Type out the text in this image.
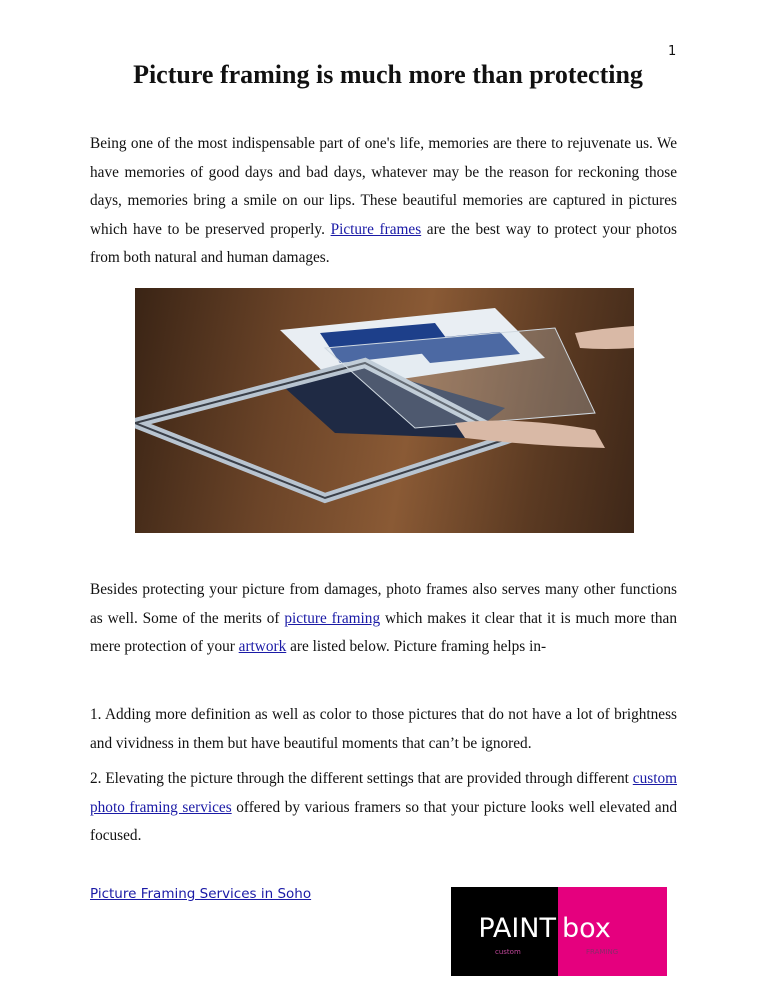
1
Picture framing is much more than protecting

Being one of the most indispensable part of one's life, memories are there to rejuvenate us. We have memories of good days and bad days, whatever may be the reason for reckoning those days, memories bring a smile on our lips. These beautiful memories are captured in pictures which have to be preserved properly. Picture frames are the best way to protect your photos from both natural and human damages.

Besides protecting your picture from damages, photo frames also serves many other functions as well. Some of the merits of picture framing which makes it clear that it is much more than mere protection of your artwork are listed below. Picture framing helps in-

1. Adding more definition as well as color to those pictures that do not have a lot of brightness and vividness in them but have beautiful moments that can’t be ignored.

2. Elevating the picture through the different settings that are provided through different custom photo framing services offered by various framers so that your picture looks well elevated and focused.

Picture Framing Services in Soho
PAINT
custom
box
FRAMING
